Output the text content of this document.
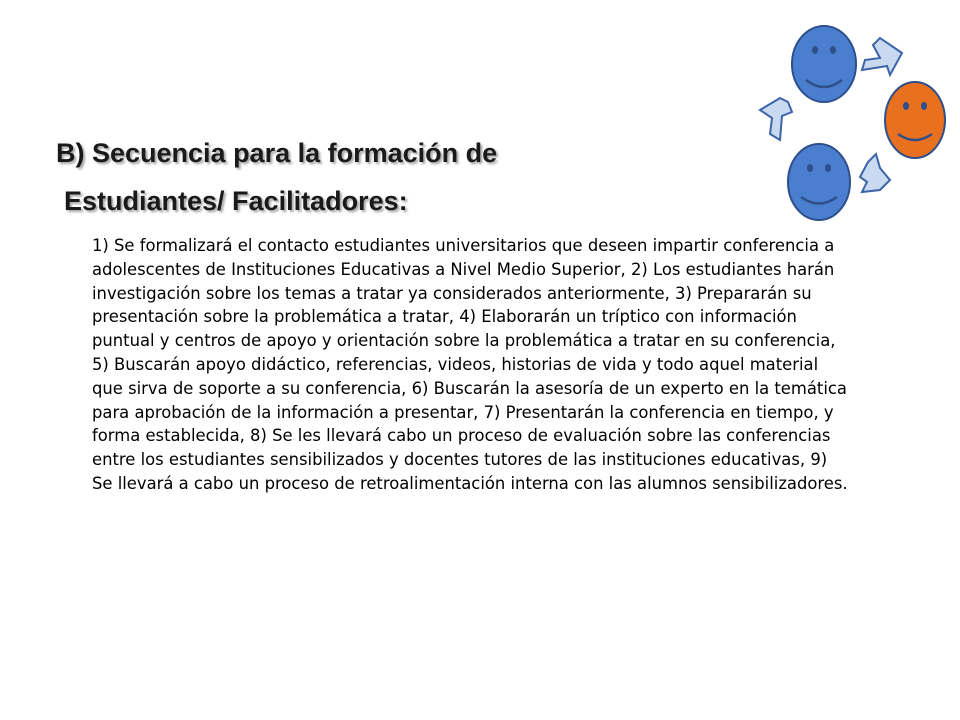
B) Secuencia para la formación de
Estudiantes/ Facilitadores:

1) Se formalizará el contacto estudiantes universitarios que deseen impartir conferencia a adolescentes de Instituciones Educativas a Nivel Medio Superior, 2) Los estudiantes harán investigación sobre los temas a tratar ya considerados anteriormente, 3) Prepararán su presentación sobre la problemática a tratar, 4) Elaborarán un tríptico con información puntual y centros de apoyo y orientación sobre la problemática a tratar en su conferencia, 5) Buscarán apoyo didáctico, referencias, videos, historias de vida y todo aquel material que sirva de soporte a su conferencia, 6) Buscarán la asesoría de un experto en la temática para aprobación de la información a presentar, 7) Presentarán la conferencia en tiempo, y forma establecida, 8) Se les llevará cabo un proceso de evaluación sobre las conferencias entre los estudiantes sensibilizados y docentes tutores de las instituciones educativas, 9) Se llevará a cabo un proceso de retroalimentación interna con las alumnos sensibilizadores.
